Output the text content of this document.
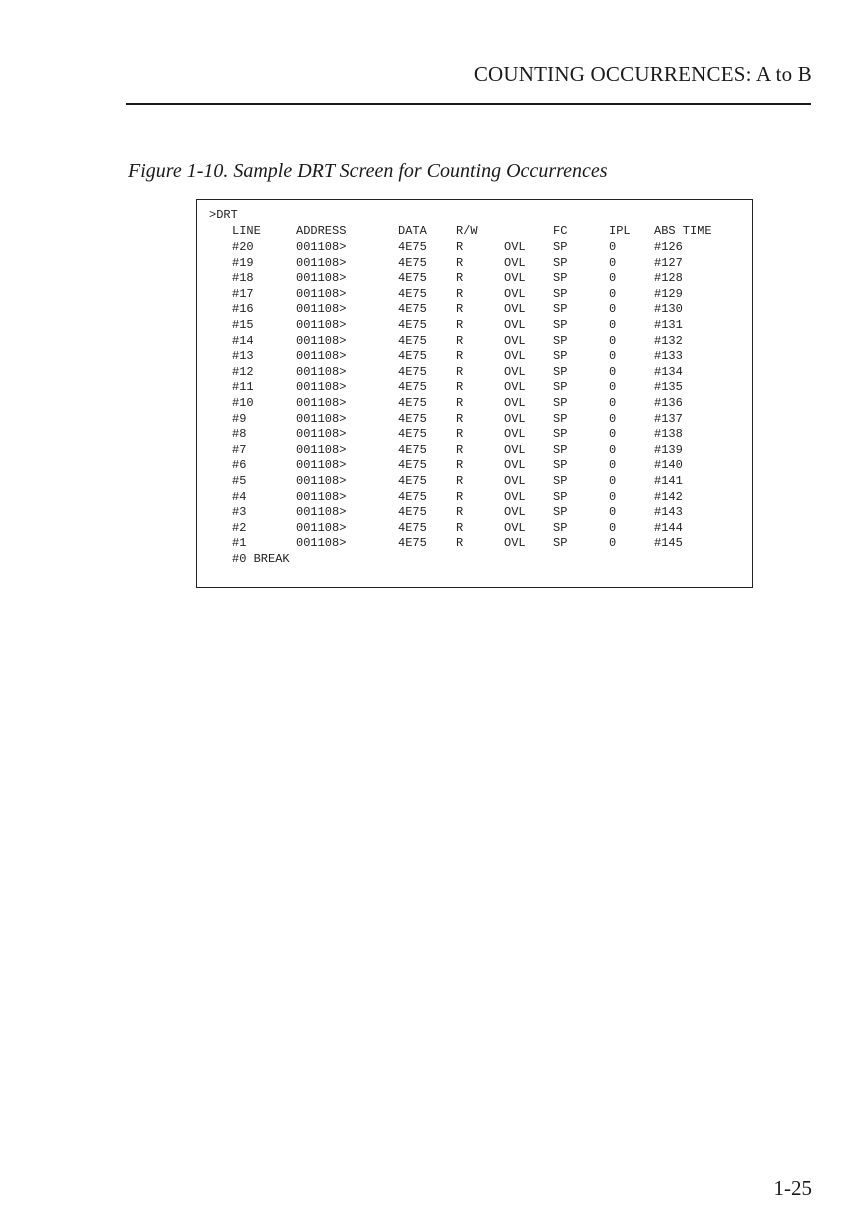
COUNTING OCCURRENCES: A to B
Figure 1-10. Sample DRT Screen for Counting Occurrences
>DRT
LINE	ADDRESS	DATA R/W	FC	IPL ABS TIME
#20	001108>	4E75 R	OVL SP	0	#126
#19	001108>	4E75 R	OVL SP	0	#127
#18	001108>	4E75 R	OVL SP	0	#128
#17	001108>	4E75 R	OVL SP	0	#129
#16	001108>	4E75 R	OVL SP	0	#130
#15	001108>	4E75 R	OVL SP	0	#131
#14	001108>	4E75 R	OVL SP	0	#132
#13	001108>	4E75 R	OVL SP	0	#133
#12	001108>	4E75 R	OVL SP	0	#134
#11	001108>	4E75 R	OVL SP	0	#135
#10	001108>	4E75 R	OVL SP	0	#136
#9	001108>	4E75 R	OVL SP	0	#137
#8	001108>	4E75 R	OVL SP	0	#138
#7	001108>	4E75 R	OVL SP	0	#139
#6	001108>	4E75 R	OVL SP	0	#140
#5	001108>	4E75 R	OVL SP	0	#141
#4	001108>	4E75 R	OVL SP	0	#142
#3	001108>	4E75 R	OVL SP	0	#143
#2	001108>	4E75 R	OVL SP	0	#144
#1	001108>	4E75 R	OVL SP	0	#145
#0 BREAK
1-25
